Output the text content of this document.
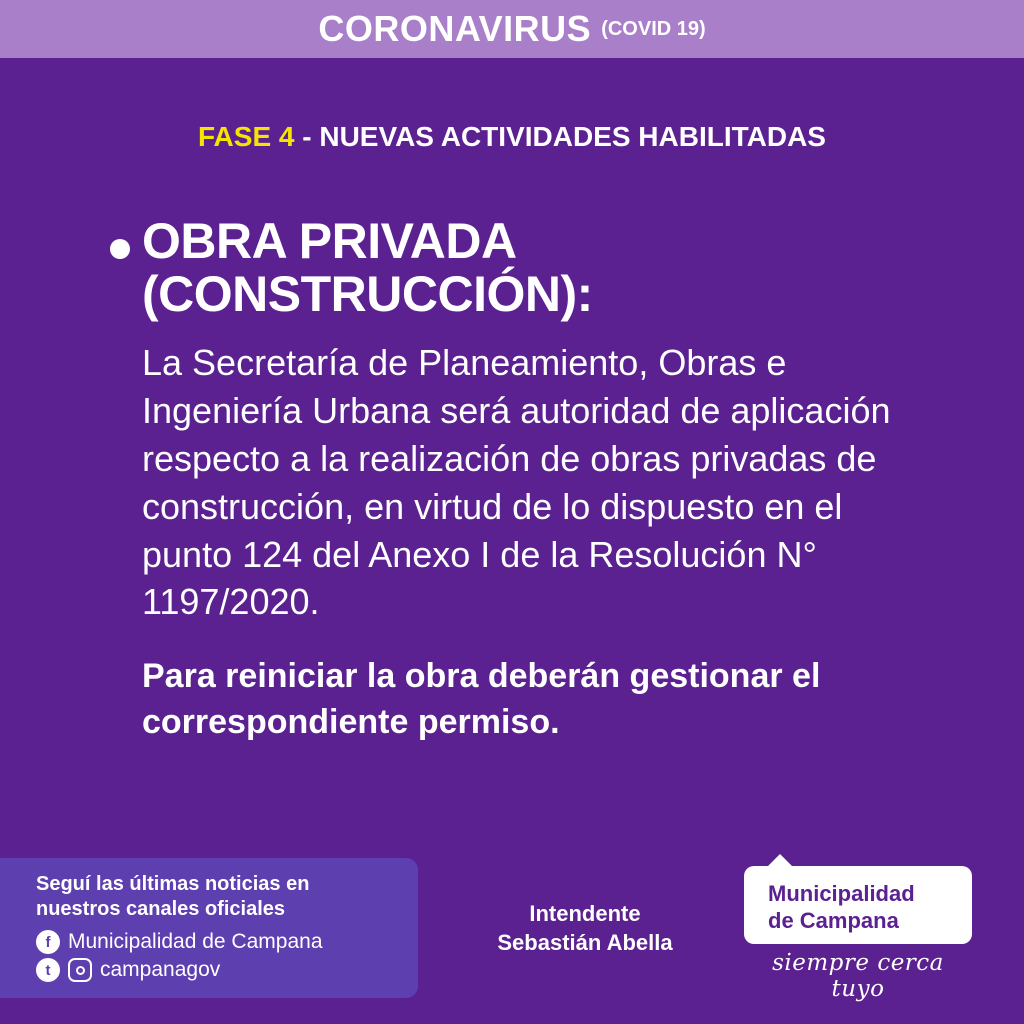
CORONAVIRUS (COVID 19)
FASE 4 - NUEVAS ACTIVIDADES HABILITADAS
OBRA PRIVADA (CONSTRUCCIÓN):
La Secretaría de Planeamiento, Obras e Ingeniería Urbana será autoridad de aplicación respecto a la realización de obras privadas de construcción, en virtud de lo dispuesto en el punto 124 del Anexo I de la Resolución N° 1197/2020.
Para reiniciar la obra deberán gestionar el correspondiente permiso.
Seguí las últimas noticias en nuestros canales oficiales
f Municipalidad de Campana
t	campanagov
Intendente
Sebastián Abella
Municipalidad
de Campana
siempre cerca tuyo
